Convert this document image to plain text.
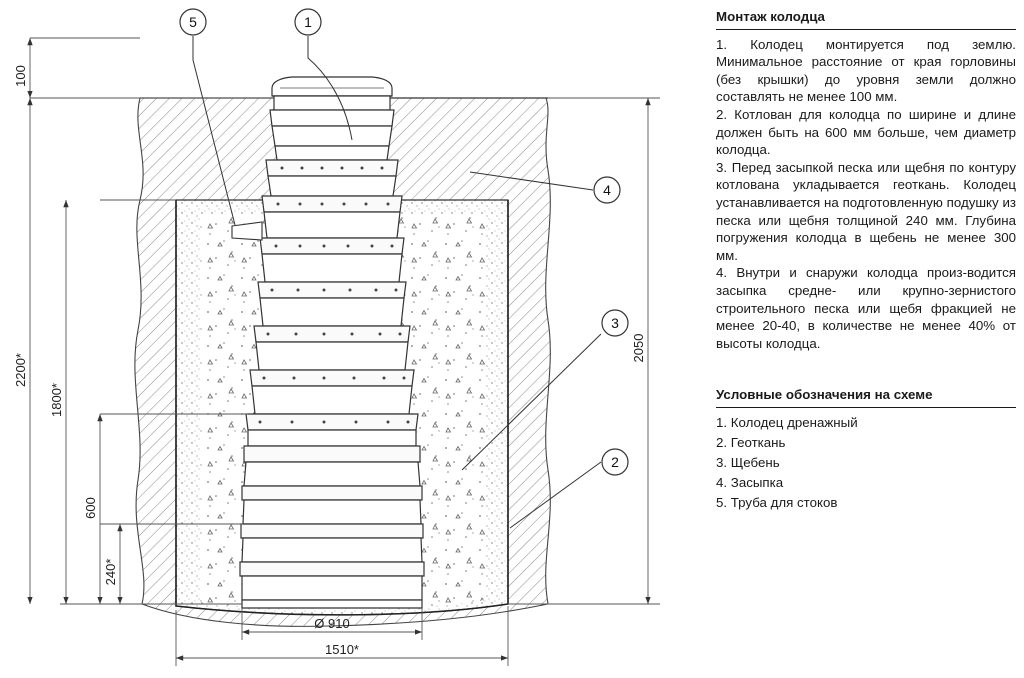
5	1
4
3
2
100
2200*
1800*
600
240*
2050
Ø 910
1510*
Монтаж колодца

1. Колодец монтируется под землю. Минимальное расстояние от края горловины (без крышки) до уровня земли должно составлять не менее 100 мм.

2. Котлован для колодца по ширине и длине должен быть на 600 мм больше, чем диаметр колодца.

3. Перед засыпкой песка или щебня по контуру котлована укладывается геоткань. Колодец устанавливается на подготовленную подушку из песка или щебня толщиной 240 мм. Глубина погружения колодца в щебень не менее 300 мм.

4. Внутри и снаружи колодца произ-водится засыпка средне- или крупно-зернистого строительного песка или щебя фракцией не менее 20-40, в количестве не менее 40% от высоты колодца.

Условные обозначения на схеме
1. Колодец дренажный
2. Геоткань
3. Щебень
4. Засыпка
5. Труба для стоков
